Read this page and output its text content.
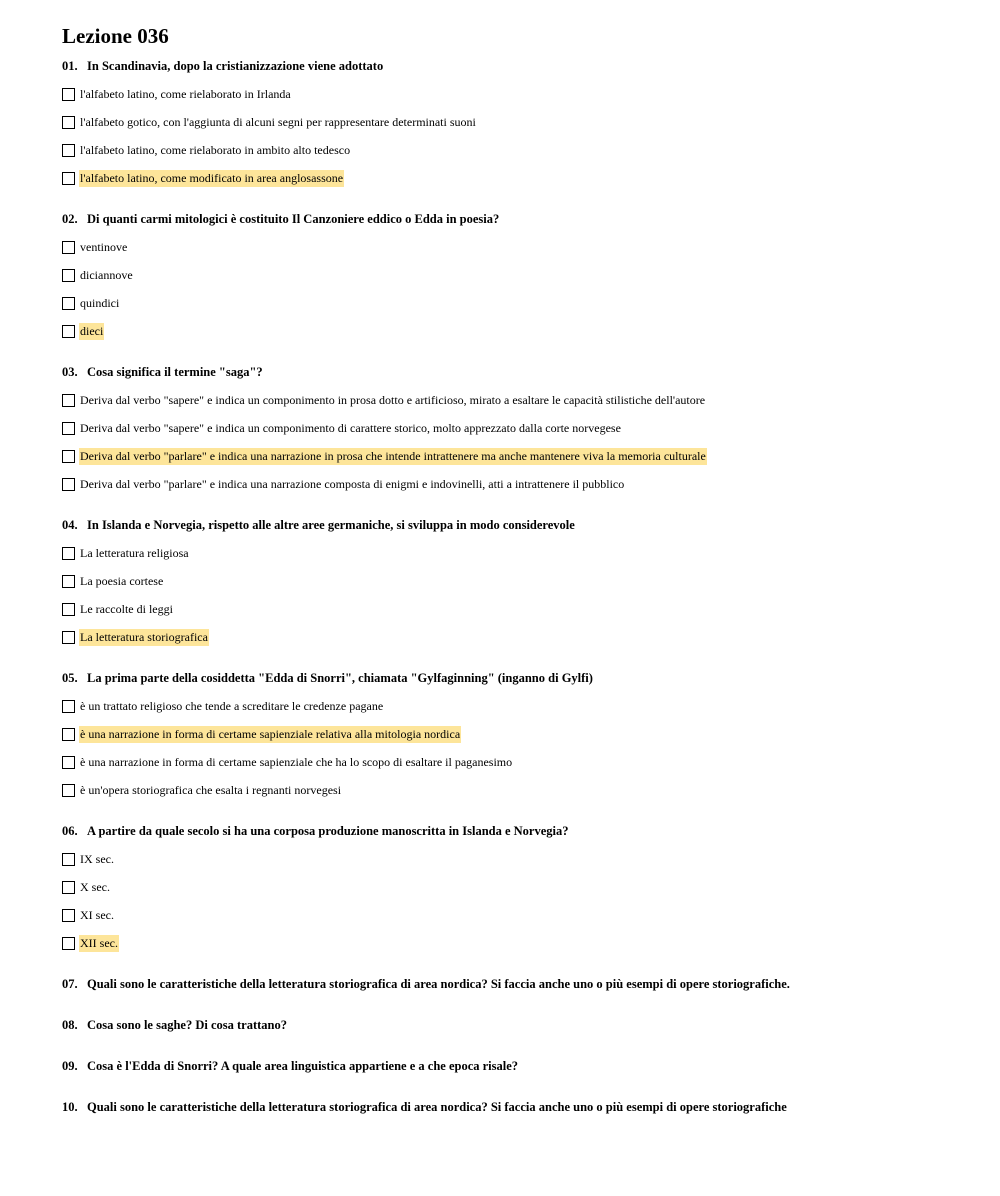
Lezione 036
01. In Scandinavia, dopo la cristianizzazione viene adottato
l'alfabeto latino, come rielaborato in Irlanda
l'alfabeto gotico, con l'aggiunta di alcuni segni per rappresentare determinati suoni
l'alfabeto latino, come rielaborato in ambito alto tedesco
l'alfabeto latino, come modificato in area anglosassone
02. Di quanti carmi mitologici è costituito Il Canzoniere eddico o Edda in poesia?
ventinove
diciannove
quindici
dieci
03. Cosa significa il termine "saga"?
Deriva dal verbo "sapere" e indica un componimento in prosa dotto e artificioso, mirato a esaltare le capacità stilistiche dell'autore
Deriva dal verbo "sapere" e indica un componimento di carattere storico, molto apprezzato dalla corte norvegese
Deriva dal verbo "parlare" e indica una narrazione in prosa che intende intrattenere ma anche mantenere viva la memoria culturale
Deriva dal verbo "parlare" e indica una narrazione composta di enigmi e indovinelli, atti a intrattenere il pubblico
04. In Islanda e Norvegia, rispetto alle altre aree germaniche, si sviluppa in modo considerevole
La letteratura religiosa
La poesia cortese
Le raccolte di leggi
La letteratura storiografica
05. La prima parte della cosiddetta "Edda di Snorri", chiamata "Gylfaginning" (inganno di Gylfi)
è un trattato religioso che tende a screditare le credenze pagane
è una narrazione in forma di certame sapienziale relativa alla mitologia nordica
è una narrazione in forma di certame sapienziale che ha lo scopo di esaltare il paganesimo
è un'opera storiografica che esalta i regnanti norvegesi
06. A partire da quale secolo si ha una corposa produzione manoscritta in Islanda e Norvegia?
IX sec.
X sec.
XI sec.
XII sec.
07. Quali sono le caratteristiche della letteratura storiografica di area nordica? Si faccia anche uno o più esempi di opere storiografiche.
08. Cosa sono le saghe? Di cosa trattano?
09. Cosa è l'Edda di Snorri? A quale area linguistica appartiene e a che epoca risale?
10. Quali sono le caratteristiche della letteratura storiografica di area nordica? Si faccia anche uno o più esempi di opere storiografiche
